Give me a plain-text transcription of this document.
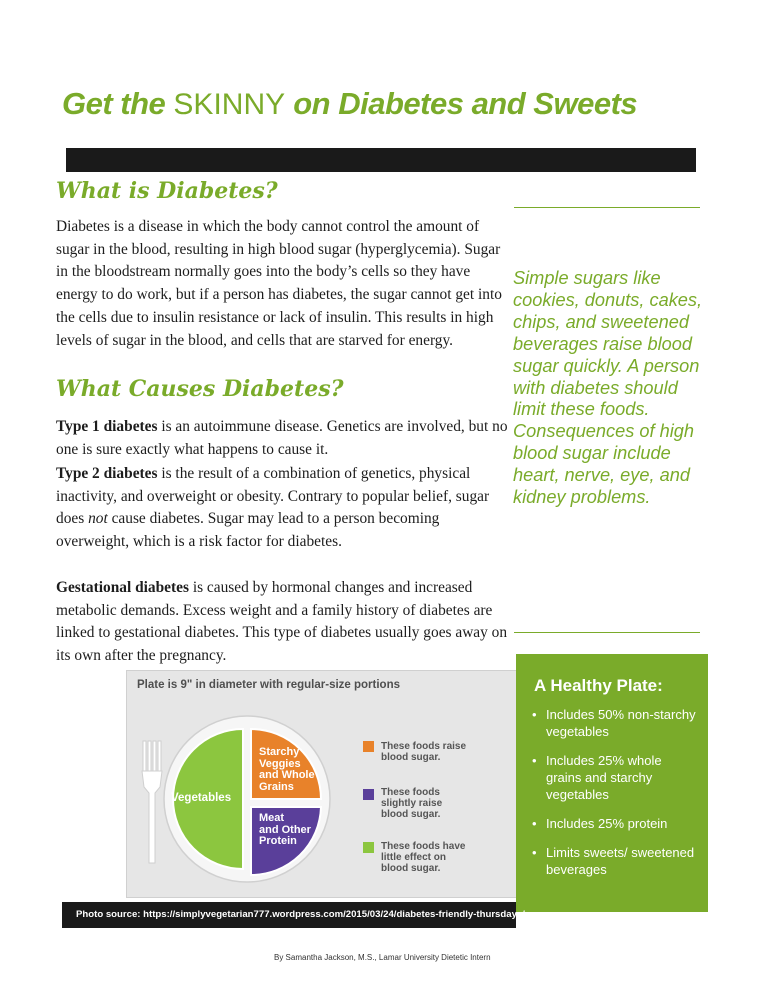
Get the SKINNY on Diabetes and Sweets
What is Diabetes?

Diabetes is a disease in which the body cannot control the amount of sugar in the blood, resulting in high blood sugar (hyperglycemia). Sugar in the bloodstream normally goes into the body’s cells so they have energy to do work, but if a person has diabetes, the sugar cannot get into the cells due to insulin resistance or lack of insulin. This results in high levels of sugar in the blood, and cells that are starved for energy.

What Causes Diabetes?

Type 1 diabetes is an autoimmune disease. Genetics are involved, but no one is sure exactly what happens to cause it.

Type 2 diabetes is the result of a combination of genetics, physical inactivity, and overweight or obesity. Contrary to popular belief, sugar does not cause diabetes. Sugar may lead to a person becoming overweight, which is a risk factor for diabetes.

Gestational diabetes is caused by hormonal changes and increased metabolic demands. Excess weight and a family history of diabetes are linked to gestational diabetes. This type of diabetes usually goes away on its own after the pregnancy.

Simple sugars like cookies, donuts, cakes, chips, and sweetened beverages raise blood sugar quickly. A person with diabetes should limit these foods. Consequences of high blood sugar include heart, nerve, eye, and kidney problems.

Plate is 9" in diameter with regular-size portions
Vegetables
Starchy
Veggies
and Whole
Grains
Meat
and Other
Protein
These foods raise
blood sugar.
These foods
slightly raise
blood sugar.
These foods have
little effect on
blood sugar.
A Healthy Plate:
• Includes 50% non-starchy vegetables
• Includes 25% whole grains and starchy vegetables
• Includes 25% protein
• Limits sweets/ sweetened beverages
Photo source: https://simplyvegetarian777.wordpress.com/2015/03/24/diabetes-friendly-thursdays/
By Samantha Jackson, M.S., Lamar University Dietetic Intern
